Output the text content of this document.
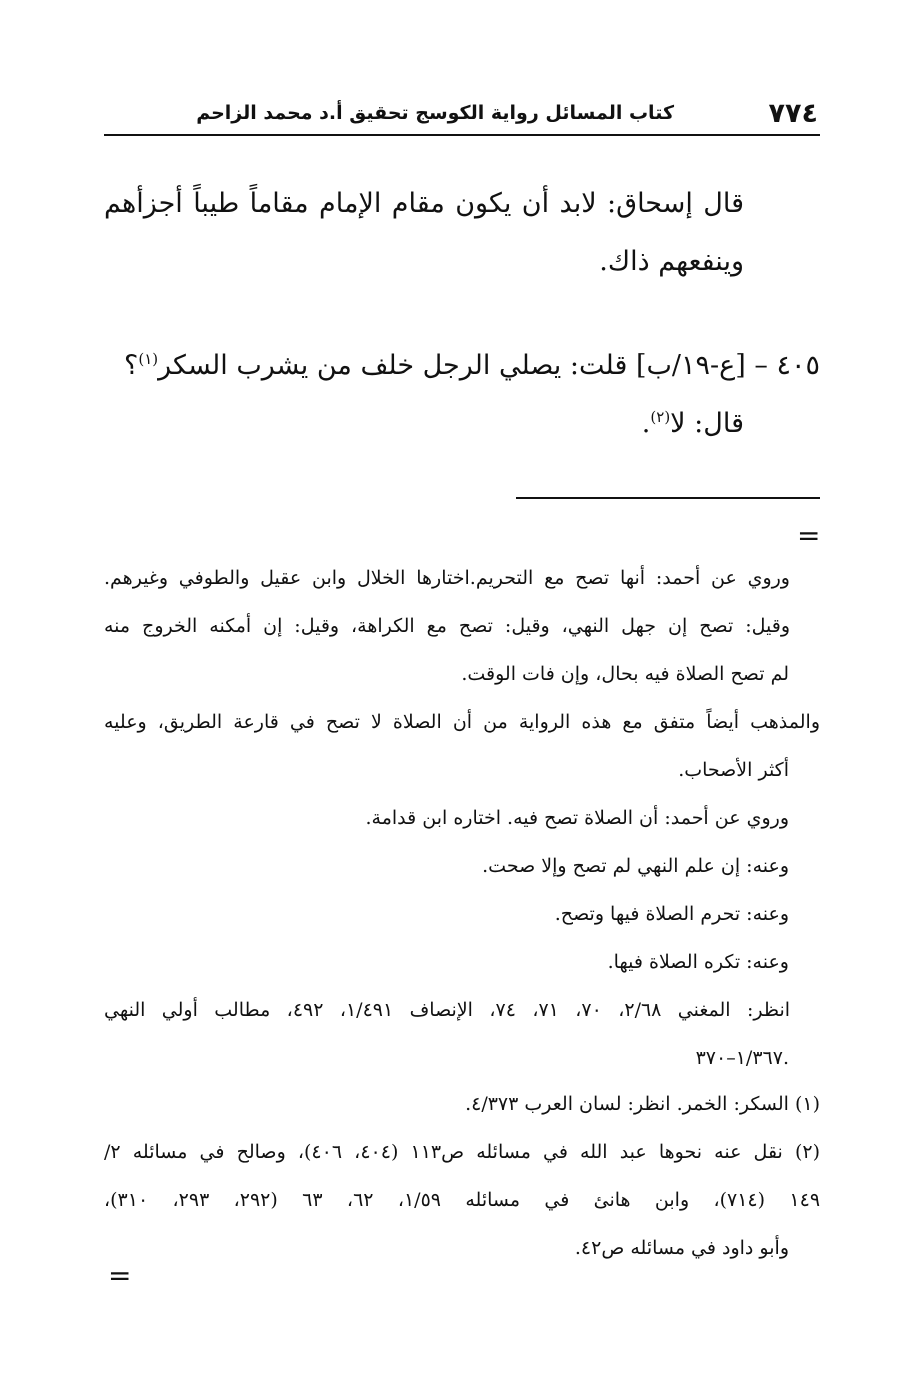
٧٧٤
كتاب المسائل رواية الكوسج تحقيق أ.د محمد الزاحم
قال إسحاق: لابد أن يكون مقام الإمام مقاماً طيباً أجزأهم
وينفعهم ذاك.
٤٠٥ – [ع-١٩/ب] قلت: يصلي الرجل خلف من يشرب السكر$^{(١)}$؟
قال: لا$^{(٢)}$.
=
وروي عن أحمد: أنها تصح مع التحريم.اختارها الخلال وابن عقيل والطوفي وغيرهم.
وقيل: تصح إن جهل النهي، وقيل: تصح مع الكراهة، وقيل: إن أمكنه الخروج منه
لم تصح الصلاة فيه بحال، وإن فات الوقت.
والمذهب أيضاً متفق مع هذه الرواية من أن الصلاة لا تصح في قارعة الطريق، وعليه
أكثر الأصحاب.
وروي عن أحمد: أن الصلاة تصح فيه. اختاره ابن قدامة.
وعنه: إن علم النهي لم تصح وإلا صحت.
وعنه: تحرم الصلاة فيها وتصح.
وعنه: تكره الصلاة فيها.
انظر: المغني ٢/٦٨، ٧٠، ٧١، ٧٤، الإنصاف ١/٤٩١، ٤٩٢، مطالب أولي النهي
١/٣٦٧–٣٧٠.
(١) السكر: الخمر. انظر: لسان العرب ٤/٣٧٣.
(٢) نقل عنه نحوها عبد الله في مسائله ص١١٣ (٤٠٤، ٤٠٦)، وصالح في مسائله ٢/
١٤٩ (٧١٤)، وابن هانئ في مسائله ١/٥٩، ٦٢، ٦٣ (٢٩٢، ٢٩٣، ٣١٠)،
وأبو داود في مسائله ص٤٢.
=
